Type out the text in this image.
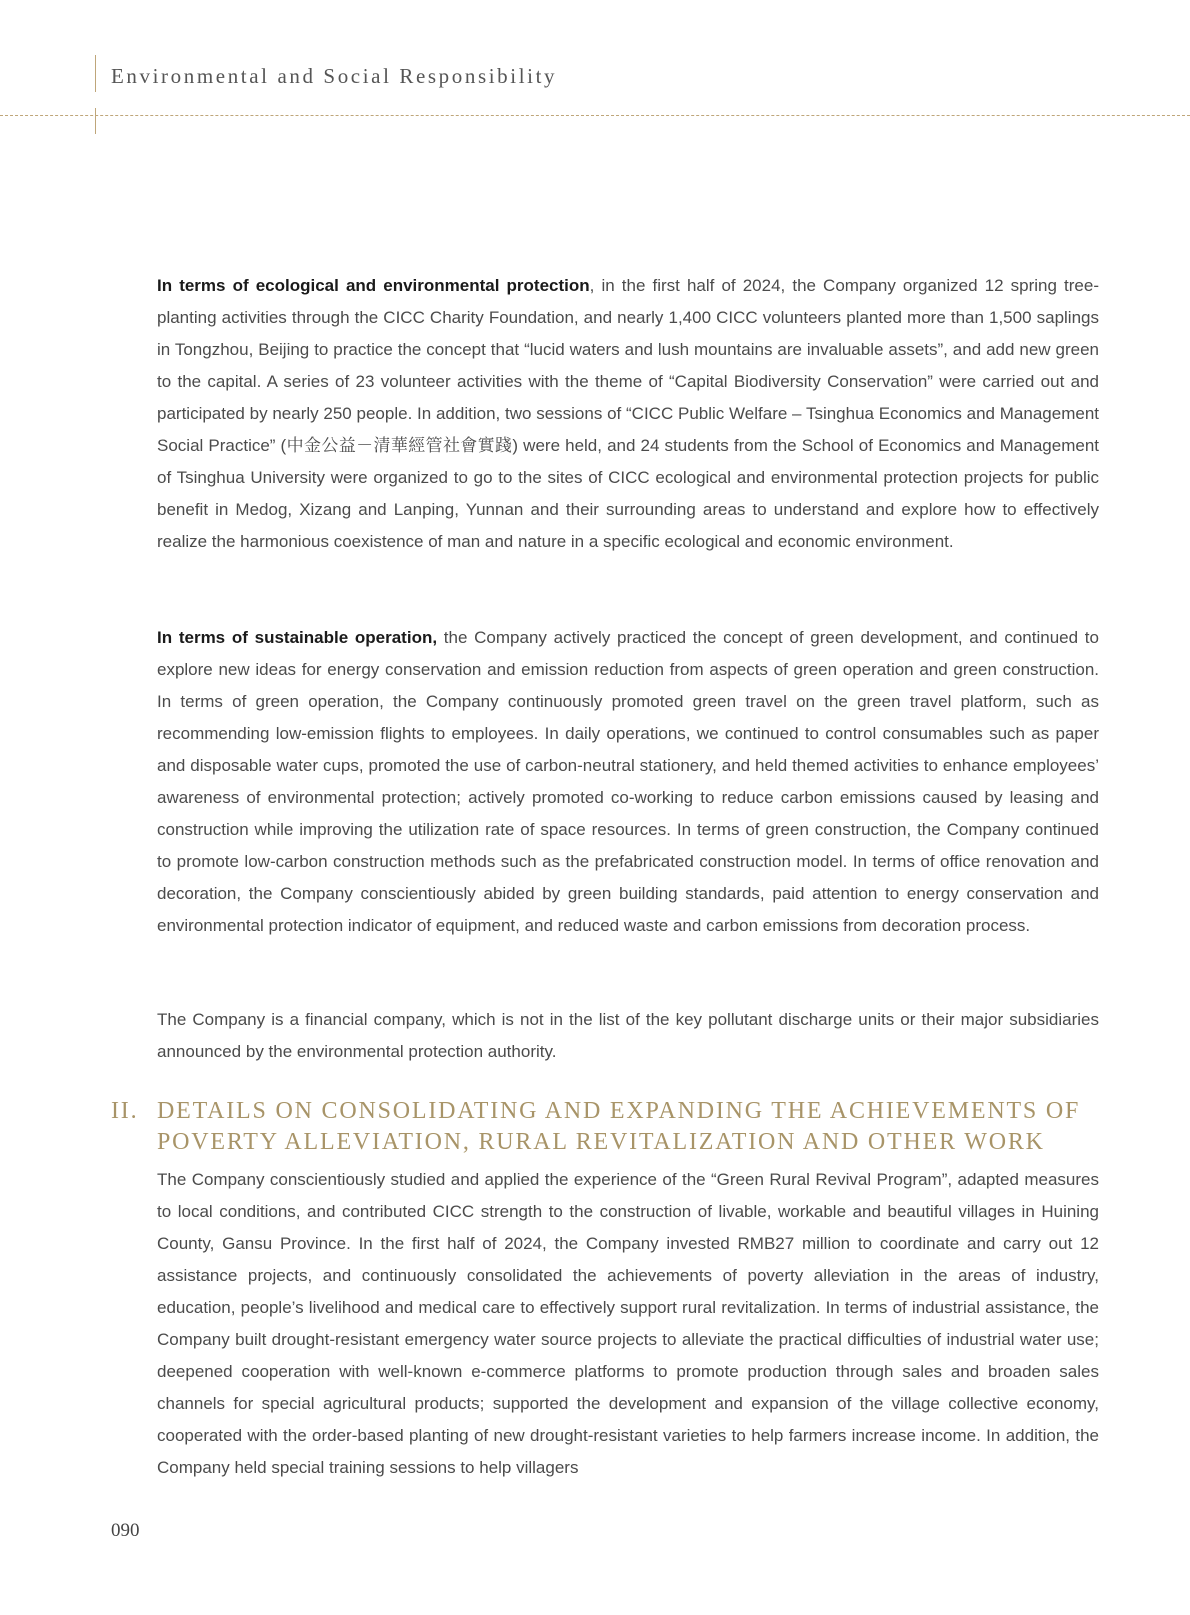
Environmental and Social Responsibility

In terms of ecological and environmental protection, in the first half of 2024, the Company organized 12 spring tree-planting activities through the CICC Charity Foundation, and nearly 1,400 CICC volunteers planted more than 1,500 saplings in Tongzhou, Beijing to practice the concept that “lucid waters and lush mountains are invaluable assets”, and add new green to the capital. A series of 23 volunteer activities with the theme of “Capital Biodiversity Conservation” were carried out and participated by nearly 250 people. In addition, two sessions of “CICC Public Welfare – Tsinghua Economics and Management Social Practice” (中金公益－清華經管社會實踐) were held, and 24 students from the School of Economics and Management of Tsinghua University were organized to go to the sites of CICC ecological and environmental protection projects for public benefit in Medog, Xizang and Lanping, Yunnan and their surrounding areas to understand and explore how to effectively realize the harmonious coexistence of man and nature in a specific ecological and economic environment.

In terms of sustainable operation, the Company actively practiced the concept of green development, and continued to explore new ideas for energy conservation and emission reduction from aspects of green operation and green construction. In terms of green operation, the Company continuously promoted green travel on the green travel platform, such as recommending low-emission flights to employees. In daily operations, we continued to control consumables such as paper and disposable water cups, promoted the use of carbon-neutral stationery, and held themed activities to enhance employees’ awareness of environmental protection; actively promoted co-working to reduce carbon emissions caused by leasing and construction while improving the utilization rate of space resources. In terms of green construction, the Company continued to promote low-carbon construction methods such as the prefabricated construction model. In terms of office renovation and decoration, the Company conscientiously abided by green building standards, paid attention to energy conservation and environmental protection indicator of equipment, and reduced waste and carbon emissions from decoration process.

The Company is a financial company, which is not in the list of the key pollutant discharge units or their major subsidiaries announced by the environmental protection authority.

II. DETAILS ON CONSOLIDATING AND EXPANDING THE ACHIEVEMENTS OF POVERTY ALLEVIATION, RURAL REVITALIZATION AND OTHER WORK

The Company conscientiously studied and applied the experience of the “Green Rural Revival Program”, adapted measures to local conditions, and contributed CICC strength to the construction of livable, workable and beautiful villages in Huining County, Gansu Province. In the first half of 2024, the Company invested RMB27 million to coordinate and carry out 12 assistance projects, and continuously consolidated the achievements of poverty alleviation in the areas of industry, education, people’s livelihood and medical care to effectively support rural revitalization. In terms of industrial assistance, the Company built drought-resistant emergency water source projects to alleviate the practical difficulties of industrial water use; deepened cooperation with well-known e-commerce platforms to promote production through sales and broaden sales channels for special agricultural products; supported the development and expansion of the village collective economy, cooperated with the order-based planting of new drought-resistant varieties to help farmers increase income. In addition, the Company held special training sessions to help villagers

090
